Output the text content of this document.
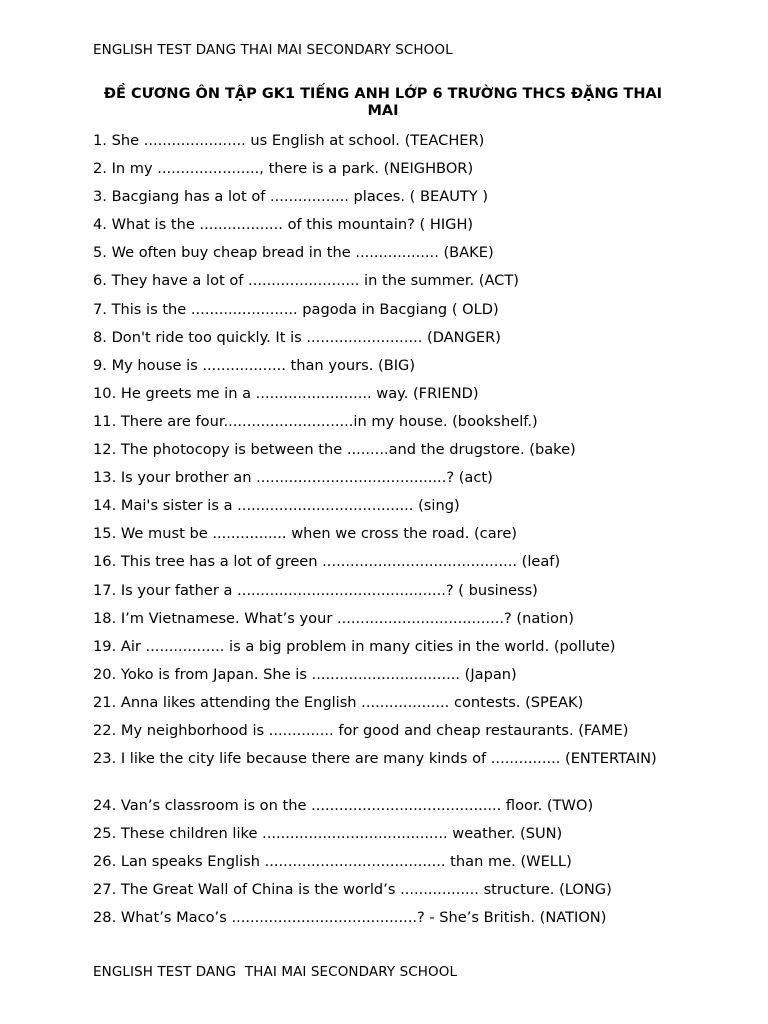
ENGLISH TEST DANG THAI MAI SECONDARY SCHOOL
ĐỀ CƯƠNG ÔN TẬP GK1 TIẾNG ANH LỚP 6 TRƯỜNG THCS ĐẶNG THAI MAI
1. She ...................... us English at school. (TEACHER)
2. In my ......................, there is a park. (NEIGHBOR)
3. Bacgiang has a lot of ................. places. ( BEAUTY )
4. What is the .................. of this mountain? ( HIGH)
5. We often buy cheap bread in the .................. (BAKE)
6. They have a lot of ........................ in the summer. (ACT)
7. This is the ....................... pagoda in Bacgiang ( OLD)
8. Don't ride too quickly. It is ......................... (DANGER)
9. My house is .................. than yours. (BIG)
10. He greets me in a ......................... way. (FRIEND)
11. There are four............................in my house. (bookshelf.)
12. The photocopy is between the .........and the drugstore. (bake)
13. Is your brother an .........................................? (act)
14. Mai's sister is a ...................................... (sing)
15. We must be ................ when we cross the road. (care)
16. This tree has a lot of green .......................................... (leaf)
17. Is your father a .............................................? ( business)
18. I’m Vietnamese. What’s your ....................................? (nation)
19. Air ................. is a big problem in many cities in the world. (pollute)
20. Yoko is from Japan. She is ................................ (Japan)
21. Anna likes attending the English ................... contests. (SPEAK)
22. My neighborhood is .............. for good and cheap restaurants. (FAME)
23. I like the city life because there are many kinds of ............... (ENTERTAIN)
24. Van’s classroom is on the ......................................... floor. (TWO)
25. These children like ........................................ weather. (SUN)
26. Lan speaks English ....................................... than me. (WELL)
27. The Great Wall of China is the world’s ................. structure. (LONG)
28. What’s Maco’s ........................................? - She’s British. (NATION)
ENGLISH TEST DANG  THAI MAI SECONDARY SCHOOL
